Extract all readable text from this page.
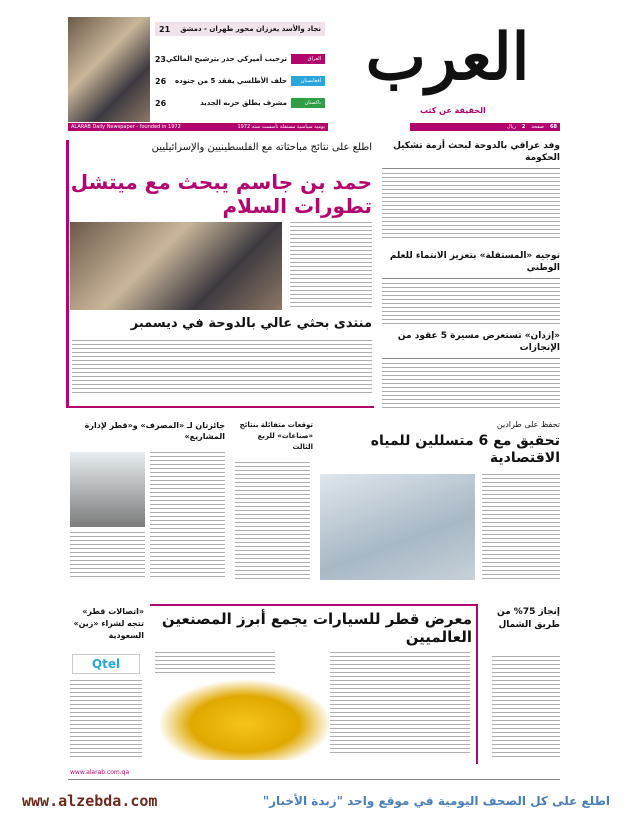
العرب
الحقيقة عن كثب
نجاد والأسد يعززان محور طهران - دمشق
21
العراق
ترحيب أميركي حذر بترشيح المالكي
23
أفغانستان
حلف الأطلسي يفقد 5 من جنوده
26
باكستان
مشرف يطلق حزبه الجديد
26
68
صفحة
2
ريال
ALARAB Daily Newspaper - founded in 1972	يومية سياسية مستقلة تأسست سنة 1972
وفد عراقي بالدوحة لبحث أزمة تشكيل الحكومة
توجيه «المستقلة» بتعزيز الانتماء للعلم الوطني
«إزدان» تستعرض مسيرة 5 عقود من الإنجازات
اطلع على نتائج مباحثاته مع الفلسطينيين والإسرائيليين
حمد بن جاسم يبحث مع ميتشل تطورات السلام
منتدى بحثي عالي بالدوحة في ديسمبر
تحفظ على طرادين
تحقيق مع 6 متسللين للمياه الاقتصادية
توقعات متفائلة بنتائج «صناعات» للربع الثالث
جائزتان لـ «المصرف» و«قطر لإدارة المشاريع»
إنجاز 75% من طريق الشمال
معرض قطر للسيارات يجمع أبرز المصنعين العالميين
«اتصالات قطر» تتجه لشراء «زين» السعودية
Qtel
www.alarab.com.qa
اطلع على كل الصحف اليومية في موقع واحد "زبدة الأخبار"
www.alzebda.com
